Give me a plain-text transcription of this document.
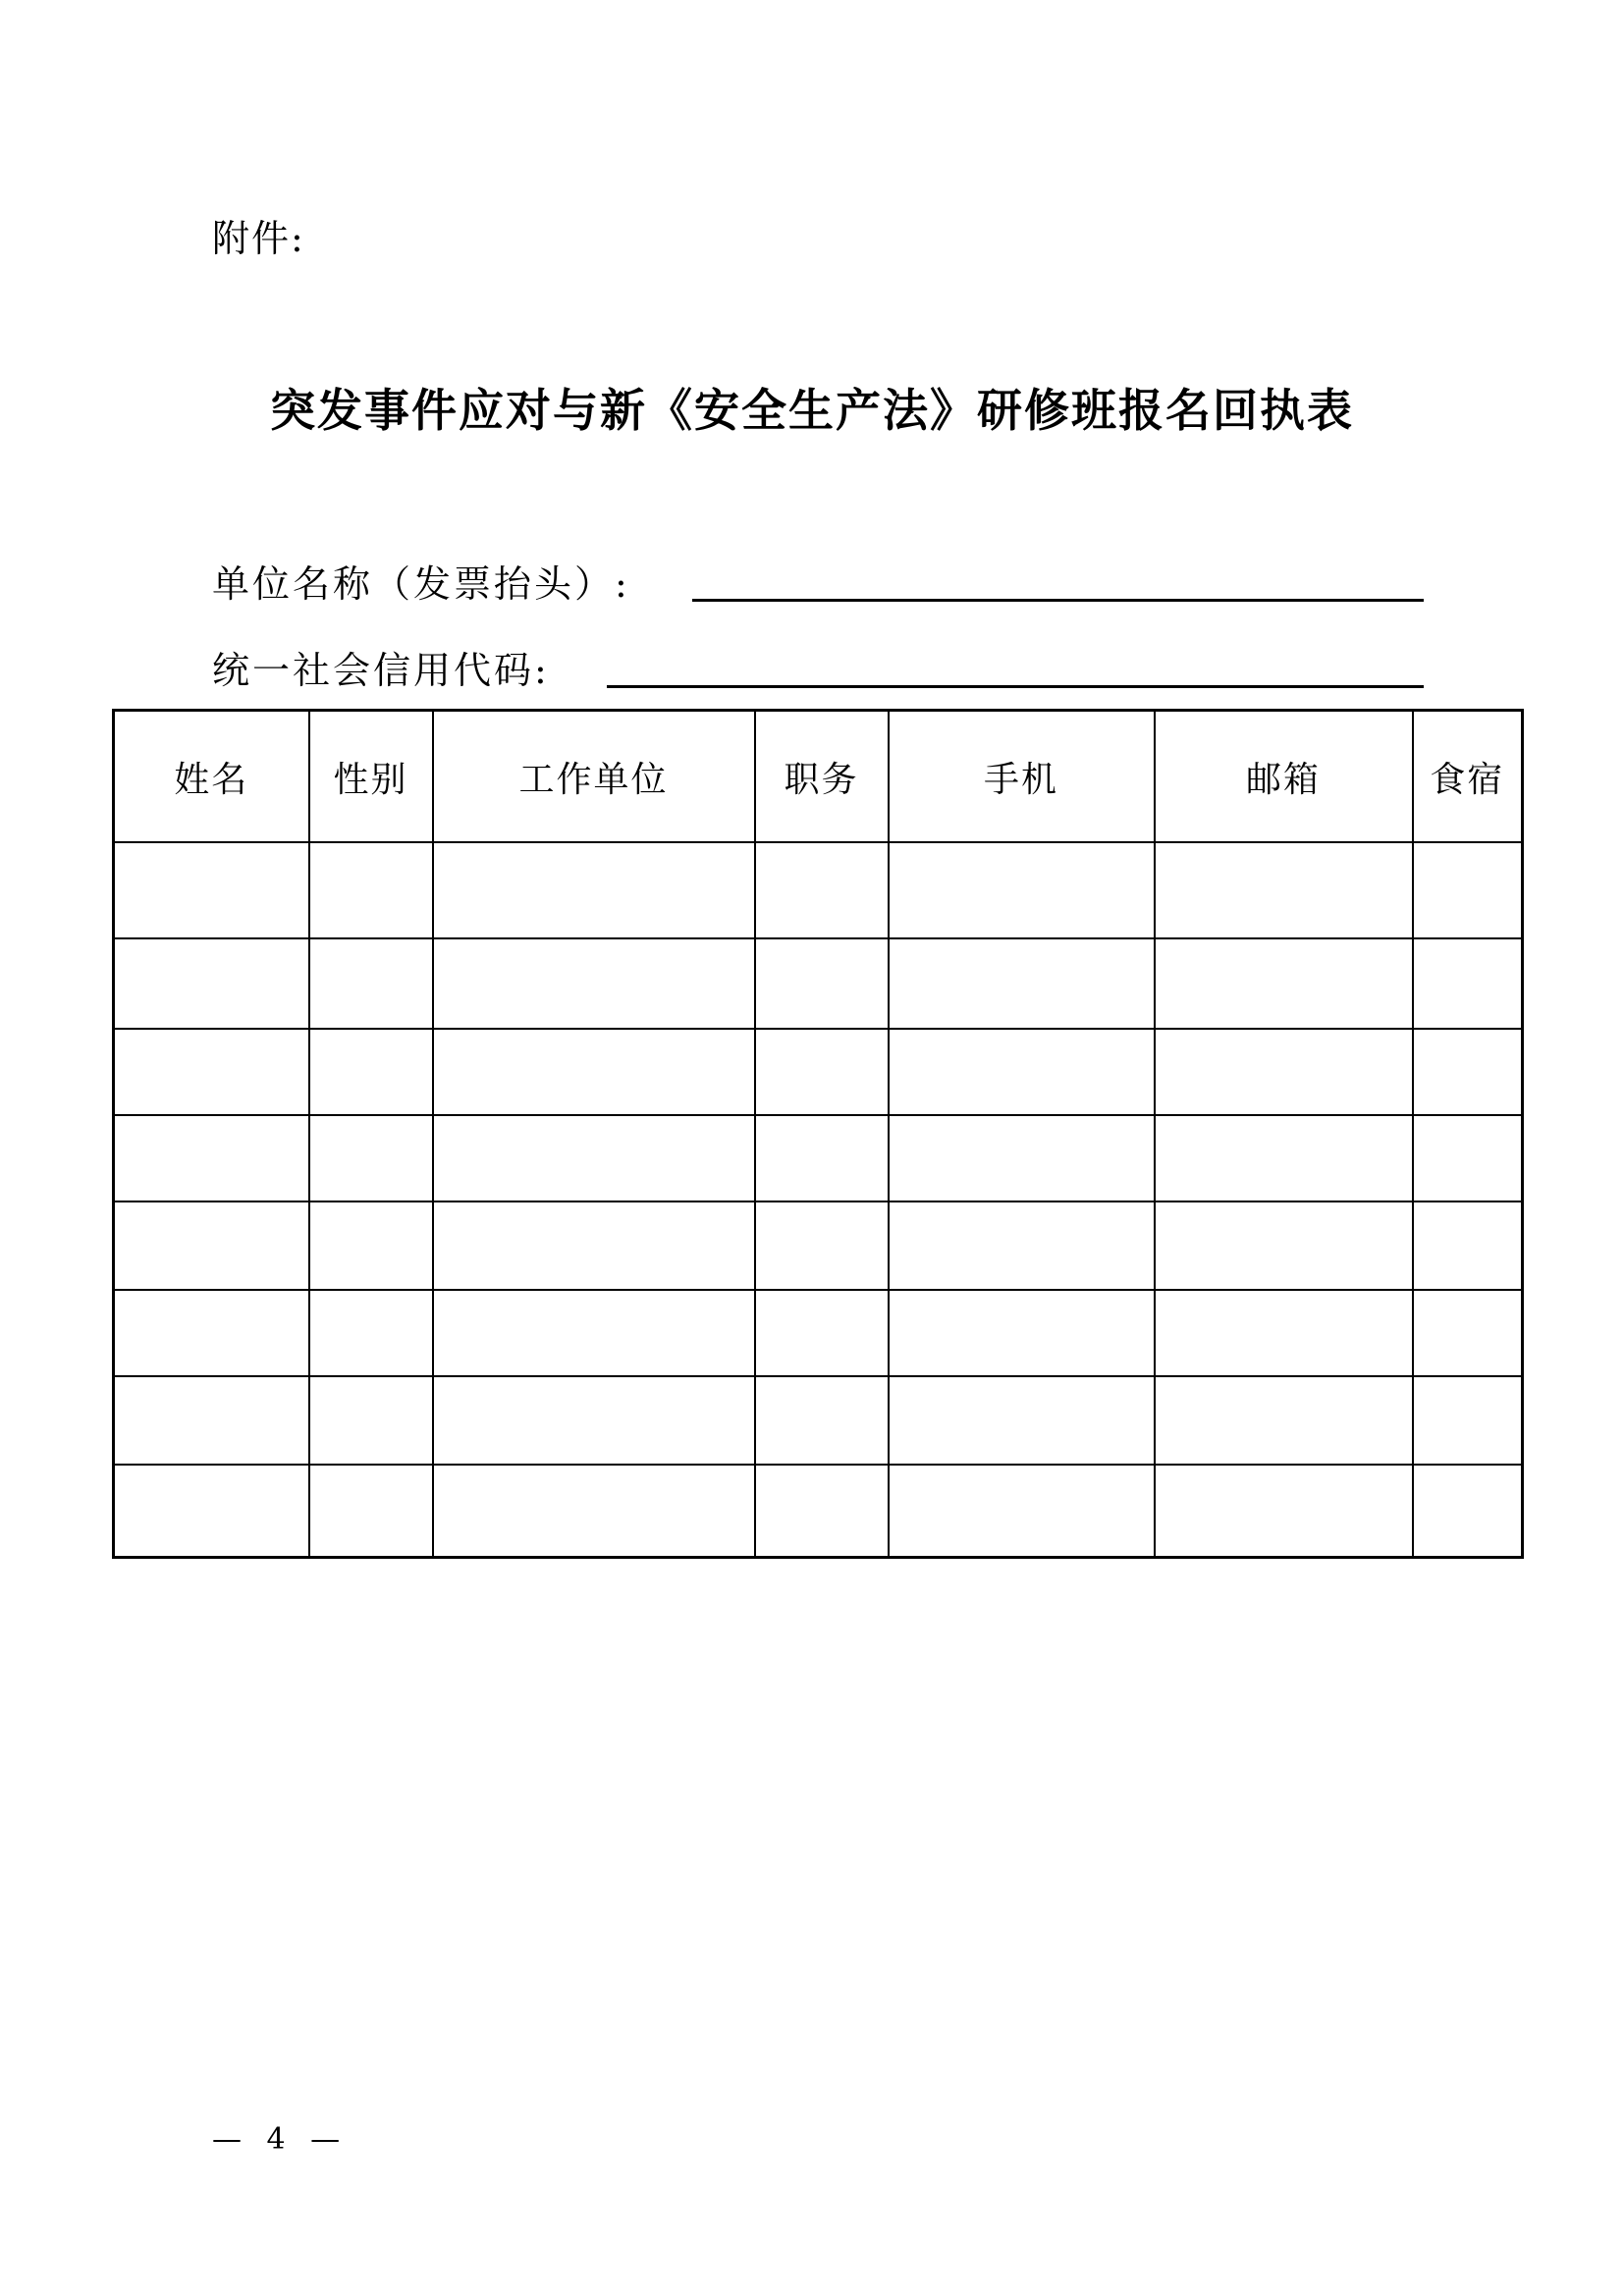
附件:
突发事件应对与新《安全生产法》研修班报名回执表
单位名称（发票抬头）:
统一社会信用代码:
姓名	性别	工作单位	职务	手机	邮箱	食宿

— 4 —
